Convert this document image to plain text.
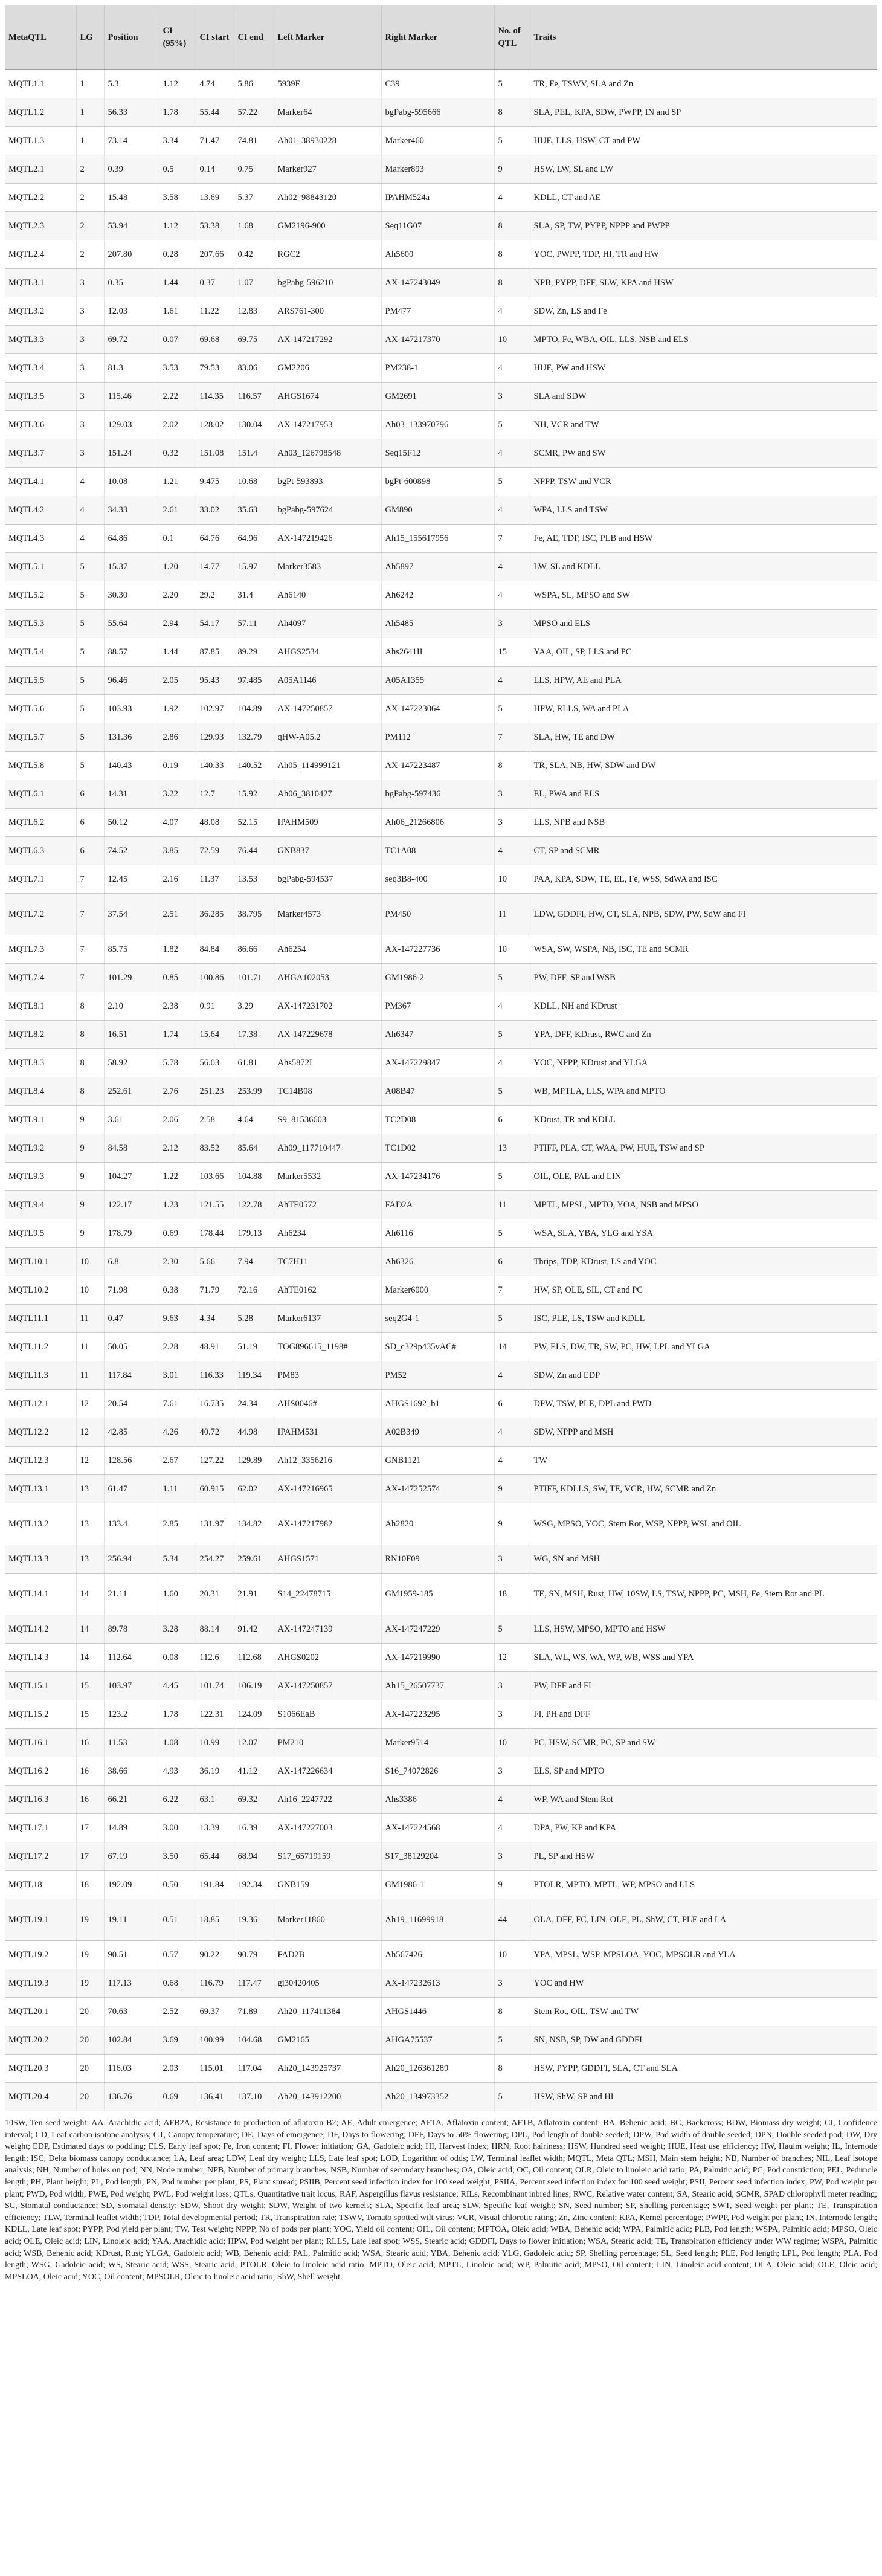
MetaQTL	LG	Position	CI (95%)	CI start	CI end	Left Marker	Right Marker	No. of QTL	Traits
MQTL1.1	1	5.3	1.12	4.74	5.86	5939F	C39	5	TR, Fe, TSWV, SLA and Zn
MQTL1.2	1	56.33	1.78	55.44	57.22	Marker64	bgPabg-595666	8	SLA, PEL, KPA, SDW, PWPP, IN and SP
MQTL1.3	1	73.14	3.34	71.47	74.81	Ah01_38930228	Marker460	5	HUE, LLS, HSW, CT and PW
MQTL2.1	2	0.39	0.5	0.14	0.75	Marker927	Marker893	9	HSW, LW, SL and LW
MQTL2.2	2	15.48	3.58	13.69	5.37	Ah02_98843120	IPAHM524a	4	KDLL, CT and AE
MQTL2.3	2	53.94	1.12	53.38	1.68	GM2196-900	Seq11G07	8	SLA, SP, TW, PYPP, NPPP and PWPP
MQTL2.4	2	207.80	0.28	207.66	0.42	RGC2	Ah5600	8	YOC, PWPP, TDP, HI, TR and HW
MQTL3.1	3	0.35	1.44	0.37	1.07	bgPabg-596210	AX-147243049	8	NPB, PYPP, DFF, SLW, KPA and HSW
MQTL3.2	3	12.03	1.61	11.22	12.83	ARS761-300	PM477	4	SDW, Zn, LS and Fe
MQTL3.3	3	69.72	0.07	69.68	69.75	AX-147217292	AX-147217370	10	MPTO, Fe, WBA, OIL, LLS, NSB and ELS
MQTL3.4	3	81.3	3.53	79.53	83.06	GM2206	PM238-1	4	HUE, PW and HSW
MQTL3.5	3	115.46	2.22	114.35	116.57	AHGS1674	GM2691	3	SLA and SDW
MQTL3.6	3	129.03	2.02	128.02	130.04	AX-147217953	Ah03_133970796	5	NH, VCR and TW
MQTL3.7	3	151.24	0.32	151.08	151.4	Ah03_126798548	Seq15F12	4	SCMR, PW and SW
MQTL4.1	4	10.08	1.21	9.475	10.68	bgPt-593893	bgPt-600898	5	NPPP, TSW and VCR
MQTL4.2	4	34.33	2.61	33.02	35.63	bgPabg-597624	GM890	4	WPA, LLS and TSW
MQTL4.3	4	64.86	0.1	64.76	64.96	AX-147219426	Ah15_155617956	7	Fe, AE, TDP, ISC, PLB and HSW
MQTL5.1	5	15.37	1.20	14.77	15.97	Marker3583	Ah5897	4	LW, SL and KDLL
MQTL5.2	5	30.30	2.20	29.2	31.4	Ah6140	Ah6242	4	WSPA, SL, MPSO and SW
MQTL5.3	5	55.64	2.94	54.17	57.11	Ah4097	Ah5485	3	MPSO and ELS
MQTL5.4	5	88.57	1.44	87.85	89.29	AHGS2534	Ahs2641II	15	YAA, OIL, SP, LLS and PC
MQTL5.5	5	96.46	2.05	95.43	97.485	A05A1146	A05A1355	4	LLS, HPW, AE and PLA
MQTL5.6	5	103.93	1.92	102.97	104.89	AX-147250857	AX-147223064	5	HPW, RLLS, WA and PLA
MQTL5.7	5	131.36	2.86	129.93	132.79	qHW-A05.2	PM112	7	SLA, HW, TE and DW
MQTL5.8	5	140.43	0.19	140.33	140.52	Ah05_114999121	AX-147223487	8	TR, SLA, NB, HW, SDW and DW
MQTL6.1	6	14.31	3.22	12.7	15.92	Ah06_3810427	bgPabg-597436	3	EL, PWA and ELS
MQTL6.2	6	50.12	4.07	48.08	52.15	IPAHM509	Ah06_21266806	3	LLS, NPB and NSB
MQTL6.3	6	74.52	3.85	72.59	76.44	GNB837	TC1A08	4	CT, SP and SCMR
MQTL7.1	7	12.45	2.16	11.37	13.53	bgPabg-594537	seq3B8-400	10	PAA, KPA, SDW, TE, EL, Fe, WSS, SdWA and ISC
MQTL7.2	7	37.54	2.51	36.285	38.795	Marker4573	PM450	11	LDW, GDDFI, HW, CT, SLA, NPB, SDW, PW, SdW and FI
MQTL7.3	7	85.75	1.82	84.84	86.66	Ah6254	AX-147227736	10	WSA, SW, WSPA, NB, ISC, TE and SCMR
MQTL7.4	7	101.29	0.85	100.86	101.71	AHGA102053	GM1986-2	5	PW, DFF, SP and WSB
MQTL8.1	8	2.10	2.38	0.91	3.29	AX-147231702	PM367	4	KDLL, NH and KDrust
MQTL8.2	8	16.51	1.74	15.64	17.38	AX-147229678	Ah6347	5	YPA, DFF, KDrust, RWC and Zn
MQTL8.3	8	58.92	5.78	56.03	61.81	Ahs5872I	AX-147229847	4	YOC, NPPP, KDrust and YLGA
MQTL8.4	8	252.61	2.76	251.23	253.99	TC14B08	A08B47	5	WB, MPTLA, LLS, WPA and MPTO
MQTL9.1	9	3.61	2.06	2.58	4.64	S9_81536603	TC2D08	6	KDrust, TR and KDLL
MQTL9.2	9	84.58	2.12	83.52	85.64	Ah09_117710447	TC1D02	13	PTIFF, PLA, CT, WAA, PW, HUE, TSW and SP
MQTL9.3	9	104.27	1.22	103.66	104.88	Marker5532	AX-147234176	5	OIL, OLE, PAL and LIN
MQTL9.4	9	122.17	1.23	121.55	122.78	AhTE0572	FAD2A	11	MPTL, MPSL, MPTO, YOA, NSB and MPSO
MQTL9.5	9	178.79	0.69	178.44	179.13	Ah6234	Ah6116	5	WSA, SLA, YBA, YLG and YSA
MQTL10.1	10	6.8	2.30	5.66	7.94	TC7H11	Ah6326	6	Thrips, TDP, KDrust, LS and YOC
MQTL10.2	10	71.98	0.38	71.79	72.16	AhTE0162	Marker6000	7	HW, SP, OLE, SIL, CT and PC
MQTL11.1	11	0.47	9.63	4.34	5.28	Marker6137	seq2G4-1	5	ISC, PLE, LS, TSW and KDLL
MQTL11.2	11	50.05	2.28	48.91	51.19	TOG896615_1198#	SD_c329p435vAC#	14	PW, ELS, DW, TR, SW, PC, HW, LPL and YLGA
MQTL11.3	11	117.84	3.01	116.33	119.34	PM83	PM52	4	SDW, Zn and EDP
MQTL12.1	12	20.54	7.61	16.735	24.34	AHS0046#	AHGS1692_b1	6	DPW, TSW, PLE, DPL and PWD
MQTL12.2	12	42.85	4.26	40.72	44.98	IPAHM531	A02B349	4	SDW, NPPP and MSH
MQTL12.3	12	128.56	2.67	127.22	129.89	Ah12_3356216	GNB1121	4	TW
MQTL13.1	13	61.47	1.11	60.915	62.02	AX-147216965	AX-147252574	9	PTIFF, KDLLS, SW, TE, VCR, HW, SCMR and Zn
MQTL13.2	13	133.4	2.85	131.97	134.82	AX-147217982	Ah2820	9	WSG, MPSO, YOC, Stem Rot, WSP, NPPP, WSL and OIL
MQTL13.3	13	256.94	5.34	254.27	259.61	AHGS1571	RN10F09	3	WG, SN and MSH
MQTL14.1	14	21.11	1.60	20.31	21.91	S14_22478715	GM1959-185	18	TE, SN, MSH, Rust, HW, 10SW, LS, TSW, NPPP, PC, MSH, Fe, Stem Rot and PL
MQTL14.2	14	89.78	3.28	88.14	91.42	AX-147247139	AX-147247229	5	LLS, HSW, MPSO, MPTO and HSW
MQTL14.3	14	112.64	0.08	112.6	112.68	AHGS0202	AX-147219990	12	SLA, WL, WS, WA, WP, WB, WSS and YPA
MQTL15.1	15	103.97	4.45	101.74	106.19	AX-147250857	Ah15_26507737	3	PW, DFF and FI
MQTL15.2	15	123.2	1.78	122.31	124.09	S1066EaB	AX-147223295	3	FI, PH and DFF
MQTL16.1	16	11.53	1.08	10.99	12.07	PM210	Marker9514	10	PC, HSW, SCMR, PC, SP and SW
MQTL16.2	16	38.66	4.93	36.19	41.12	AX-147226634	S16_74072826	3	ELS, SP and MPTO
MQTL16.3	16	66.21	6.22	63.1	69.32	Ah16_2247722	Ahs3386	4	WP, WA and Stem Rot
MQTL17.1	17	14.89	3.00	13.39	16.39	AX-147227003	AX-147224568	4	DPA, PW, KP and KPA
MQTL17.2	17	67.19	3.50	65.44	68.94	S17_65719159	S17_38129204	3	PL, SP and HSW
MQTL18	18	192.09	0.50	191.84	192.34	GNB159	GM1986-1	9	PTOLR, MPTO, MPTL, WP, MPSO and LLS
MQTL19.1	19	19.11	0.51	18.85	19.36	Marker11860	Ah19_11699918	44	OLA, DFF, FC, LIN, OLE, PL, ShW, CT, PLE and LA
MQTL19.2	19	90.51	0.57	90.22	90.79	FAD2B	Ah567426	10	YPA, MPSL, WSP, MPSLOA, YOC, MPSOLR and YLA
MQTL19.3	19	117.13	0.68	116.79	117.47	gi30420405	AX-147232613	3	YOC and HW
MQTL20.1	20	70.63	2.52	69.37	71.89	Ah20_117411384	AHGS1446	8	Stem Rot, OIL, TSW and TW
MQTL20.2	20	102.84	3.69	100.99	104.68	GM2165	AHGA75537	5	SN, NSB, SP, DW and GDDFI
MQTL20.3	20	116.03	2.03	115.01	117.04	Ah20_143925737	Ah20_126361289	8	HSW, PYPP, GDDFI, SLA, CT and SLA
MQTL20.4	20	136.76	0.69	136.41	137.10	Ah20_143912200	Ah20_134973352	5	HSW, ShW, SP and HI
10SW, Ten seed weight; AA, Arachidic acid; AFB2A, Resistance to production of aflatoxin B2; AE, Adult emergence; AFTA, Aflatoxin content; AFTB, Aflatoxin content; BA, Behenic acid; BC, Backcross; BDW, Biomass dry weight; CI, Confidence interval; CD, Leaf carbon isotope analysis; CT, Canopy temperature; DE, Days of emergence; DF, Days to flowering; DFF, Days to 50% flowering; DPL, Pod length of double seeded; DPW, Pod width of double seeded; DPN, Double seeded pod; DW, Dry weight; EDP, Estimated days to podding; ELS, Early leaf spot; Fe, Iron content; FI, Flower initiation; GA, Gadoleic acid; HI, Harvest index; HRN, Root hairiness; HSW, Hundred seed weight; HUE, Heat use efficiency; HW, Haulm weight; IL, Internode length; ISC, Delta biomass canopy conductance; LA, Leaf area; LDW, Leaf dry weight; LLS, Late leaf spot; LOD, Logarithm of odds; LW, Terminal leaflet width; MQTL, Meta QTL; MSH, Main stem height; NB, Number of branches; NIL, Leaf isotope analysis; NH, Number of holes on pod; NN, Node number; NPB, Number of primary branches; NSB, Number of secondary branches; OA, Oleic acid; OC, Oil content; OLR, Oleic to linoleic acid ratio; PA, Palmitic acid; PC, Pod constriction; PEL, Peduncle length; PH, Plant height; PL, Pod length; PN, Pod number per plant; PS, Plant spread; PSIIB, Percent seed infection index for 100 seed weight; PSIIA, Percent seed infection index for 100 seed weight; PSII, Percent seed infection index; PW, Pod weight per plant; PWD, Pod width; PWE, Pod weight; PWL, Pod weight loss; QTLs, Quantitative trait locus; RAF, Aspergillus flavus resistance; RILs, Recombinant inbred lines; RWC, Relative water content; SA, Stearic acid; SCMR, SPAD chlorophyll meter reading; SC, Stomatal conductance; SD, Stomatal density; SDW, Shoot dry weight; SDW, Weight of two kernels; SLA, Specific leaf area; SLW, Specific leaf weight; SN, Seed number; SP, Shelling percentage; SWT, Seed weight per plant; TE, Transpiration efficiency; TLW, Terminal leaflet width; TDP, Total developmental period; TR, Transpiration rate; TSWV, Tomato spotted wilt virus; VCR, Visual chlorotic rating; Zn, Zinc content; KPA, Kernel percentage; PWPP, Pod weight per plant; IN, Internode length; KDLL, Late leaf spot; PYPP, Pod yield per plant; TW, Test weight; NPPP, No of pods per plant; YOC, Yield oil content; OIL, Oil content; MPTOA, Oleic acid; WBA, Behenic acid; WPA, Palmitic acid; PLB, Pod length; WSPA, Palmitic acid; MPSO, Oleic acid; OLE, Oleic acid; LIN, Linoleic acid; YAA, Arachidic acid; HPW, Pod weight per plant; RLLS, Late leaf spot; WSS, Stearic acid; GDDFI, Days to flower initiation; WSA, Stearic acid; TE, Transpiration efficiency under WW regime; WSPA, Palmitic acid; WSB, Behenic acid; KDrust, Rust; YLGA, Gadoleic acid; WB, Behenic acid; PAL, Palmitic acid; WSA, Stearic acid; YBA, Behenic acid; YLG, Gadoleic acid; SP, Shelling percentage; SL, Seed length; PLE, Pod length; LPL, Pod length; PLA, Pod length; WSG, Gadoleic acid; WS, Stearic acid; WSS, Stearic acid; PTOLR, Oleic to linoleic acid ratio; MPTO, Oleic acid; MPTL, Linoleic acid; WP, Palmitic acid; MPSO, Oil content; LIN, Linoleic acid content; OLA, Oleic acid; OLE, Oleic acid; MPSLOA, Oleic acid; YOC, Oil content; MPSOLR, Oleic to linoleic acid ratio; ShW, Shell weight.
